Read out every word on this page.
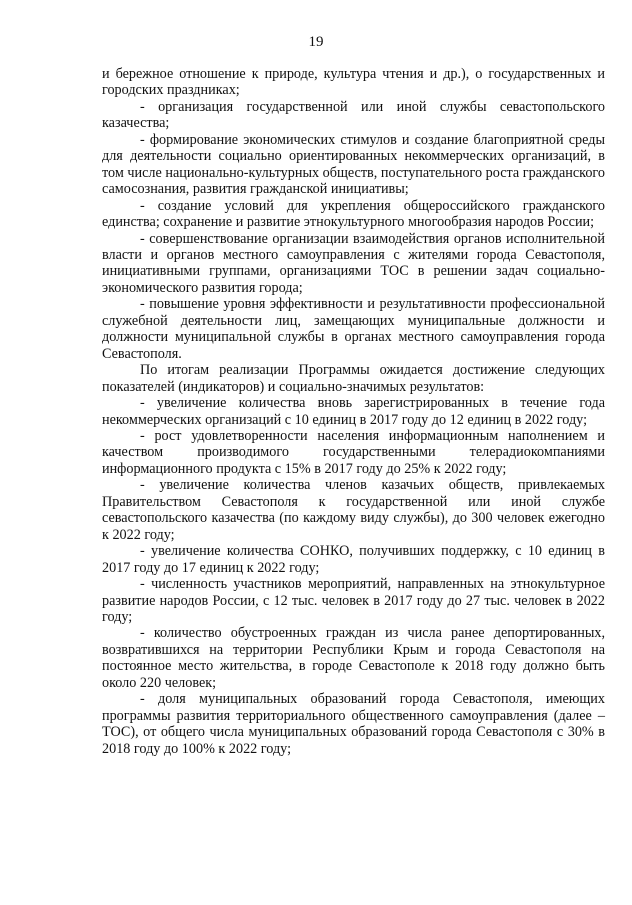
19

и бережное отношение к природе, культура чтения и др.), о государственных и городских праздниках;

- организация государственной или иной службы севастопольского казачества;

- формирование экономических стимулов и создание благоприятной среды для деятельности социально ориентированных некоммерческих организаций, в том числе национально-культурных обществ, поступательного роста гражданского самосознания, развития гражданской инициативы;

- создание условий для укрепления общероссийского гражданского единства; сохранение и развитие этнокультурного многообразия народов России;

- совершенствование организации взаимодействия органов исполнительной власти и органов местного самоуправления с жителями города Севастополя, инициативными группами, организациями ТОС в решении задач социально-экономического развития города;

- повышение уровня эффективности и результативности профессиональной служебной деятельности лиц, замещающих муниципальные должности и должности муниципальной службы в органах местного самоуправления города Севастополя.

По итогам реализации Программы ожидается достижение следующих показателей (индикаторов) и социально-значимых результатов:

- увеличение количества вновь зарегистрированных в течение года некоммерческих организаций с 10 единиц в 2017 году до 12 единиц в 2022 году;

- рост удовлетворенности населения информационным наполнением и качеством производимого государственными телерадиокомпаниями информационного продукта с 15% в 2017 году до 25% к 2022 году;

- увеличение количества членов казачьих обществ, привлекаемых Правительством Севастополя к государственной или иной службе севастопольского казачества (по каждому виду службы), до 300 человек ежегодно к 2022 году;

- увеличение количества СОНКО, получивших поддержку, с 10 единиц в 2017 году до 17 единиц к 2022 году;

- численность участников мероприятий, направленных на этнокультурное развитие народов России, с 12 тыс. человек в 2017 году до 27 тыс. человек в 2022 году;

- количество обустроенных граждан из числа ранее депортированных, возвратившихся на территории Республики Крым и города Севастополя на постоянное место жительства, в городе Севастополе к 2018 году должно быть около 220 человек;

- доля муниципальных образований города Севастополя, имеющих программы развития территориального общественного самоуправления (далее – ТОС), от общего числа муниципальных образований города Севастополя с 30% в 2018 году до 100% к 2022 году;
